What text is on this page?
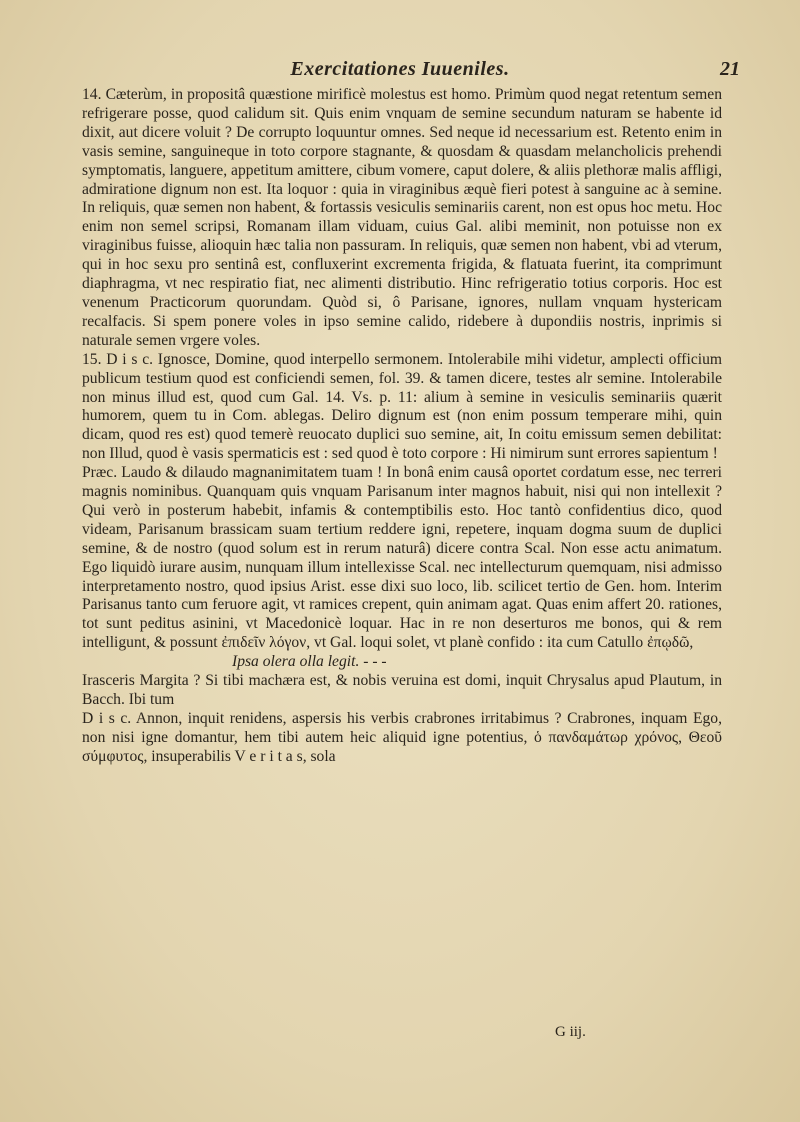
Exercitationes Iuueniles.	21

14. Cæterùm, in propositâ quæstione mirificè molestus est homo. Primùm quod negat retentum semen refrigerare posse, quod calidum sit. Quis enim vnquam de semine secundum naturam se habente id dixit, aut dicere voluit ? De corrupto loquuntur omnes. Sed neque id necessarium est. Retento enim in vasis semine, sanguineque in toto corpore stagnante, & quosdam & quasdam melancholicis prehendi symptomatis, languere, appetitum amittere, cibum vomere, caput dolere, & aliis plethoræ malis affligi, admiratione dignum non est. Ita loquor : quia in viraginibus æquè fieri potest à sanguine ac à semine. In reliquis, quæ semen non habent, & fortassis vesiculis seminariis carent, non est opus hoc metu. Hoc enim non semel scripsi, Romanam illam viduam, cuius Gal. alibi meminit, non potuisse non ex viraginibus fuisse, alioquin hæc talia non passuram. In reliquis, quæ semen non habent, vbi ad vterum, qui in hoc sexu pro sentinâ est, confluxerint excrementa frigida, & flatuata fuerint, ita comprimunt diaphragma, vt nec respiratio fiat, nec alimenti distributio. Hinc refrigeratio totius corporis. Hoc est venenum Practicorum quorundam. Quòd si, ô Parisane, ignores, nullam vnquam hystericam recalfacis. Si spem ponere voles in ipso semine calido, ridebere à dupondiis nostris, inprimis si naturale semen vrgere voles.

15. D i s c. Ignosce, Domine, quod interpello sermonem. Intolerabile mihi videtur, amplecti officium publicum testium quod est conficiendi semen, fol. 39. & tamen dicere, testes alr semine. Intolerabile non minus illud est, quod cum Gal. 14. Vs. p. 11: alium à semine in vesiculis seminariis quærit humorem, quem tu in Com. ablegas. Deliro dignum est (non enim possum temperare mihi, quin dicam, quod res est) quod temerè reuocato duplici suo semine, ait, In coitu emissum semen debilitat: non Illud, quod è vasis spermaticis est : sed quod è toto corpore : Hi nimirum sunt errores sapientum !

Præc. Laudo & dilaudo magnanimitatem tuam ! In bonâ enim causâ oportet cordatum esse, nec terreri magnis nominibus. Quanquam quis vnquam Parisanum inter magnos habuit, nisi qui non intellexit ? Qui verò in posterum habebit, infamis & contemptibilis esto. Hoc tantò confidentius dico, quod videam, Parisanum brassicam suam tertium reddere igni, repetere, inquam dogma suum de duplici semine, & de nostro (quod solum est in rerum naturâ) dicere contra Scal. Non esse actu animatum. Ego liquidò iurare ausim, nunquam illum intellexisse Scal. nec intellecturum quemquam, nisi admisso interpretamento nostro, quod ipsius Arist. esse dixi suo loco, lib. scilicet tertio de Gen. hom. Interim Parisanus tanto cum feruore agit, vt ramices crepent, quin animam agat. Quas enim affert 20. rationes, tot sunt peditus asinini, vt Macedonicè loquar. Hac in re non deserturos me bonos, qui & rem intelligunt, & possunt ἐπιδεῖν λόγον, vt Gal. loqui solet, vt planè confido : ita cum Catullo ἐπῳδῶ,

Ipsa olera olla legit. - - -

Irasceris Margita ? Si tibi machæra est, & nobis veruina est domi, inquit Chrysalus apud Plautum, in Bacch. Ibi tum

D i s c. Annon, inquit renidens, aspersis his verbis crabrones irritabimus ? Crabrones, inquam Ego, non nisi igne domantur, hem tibi autem heic aliquid igne potentius, ὁ πανδαμάτωρ χρόνος, Θεοῦ σύμφυτος, insuperabilis V e r i t a s, sola

G iij.
